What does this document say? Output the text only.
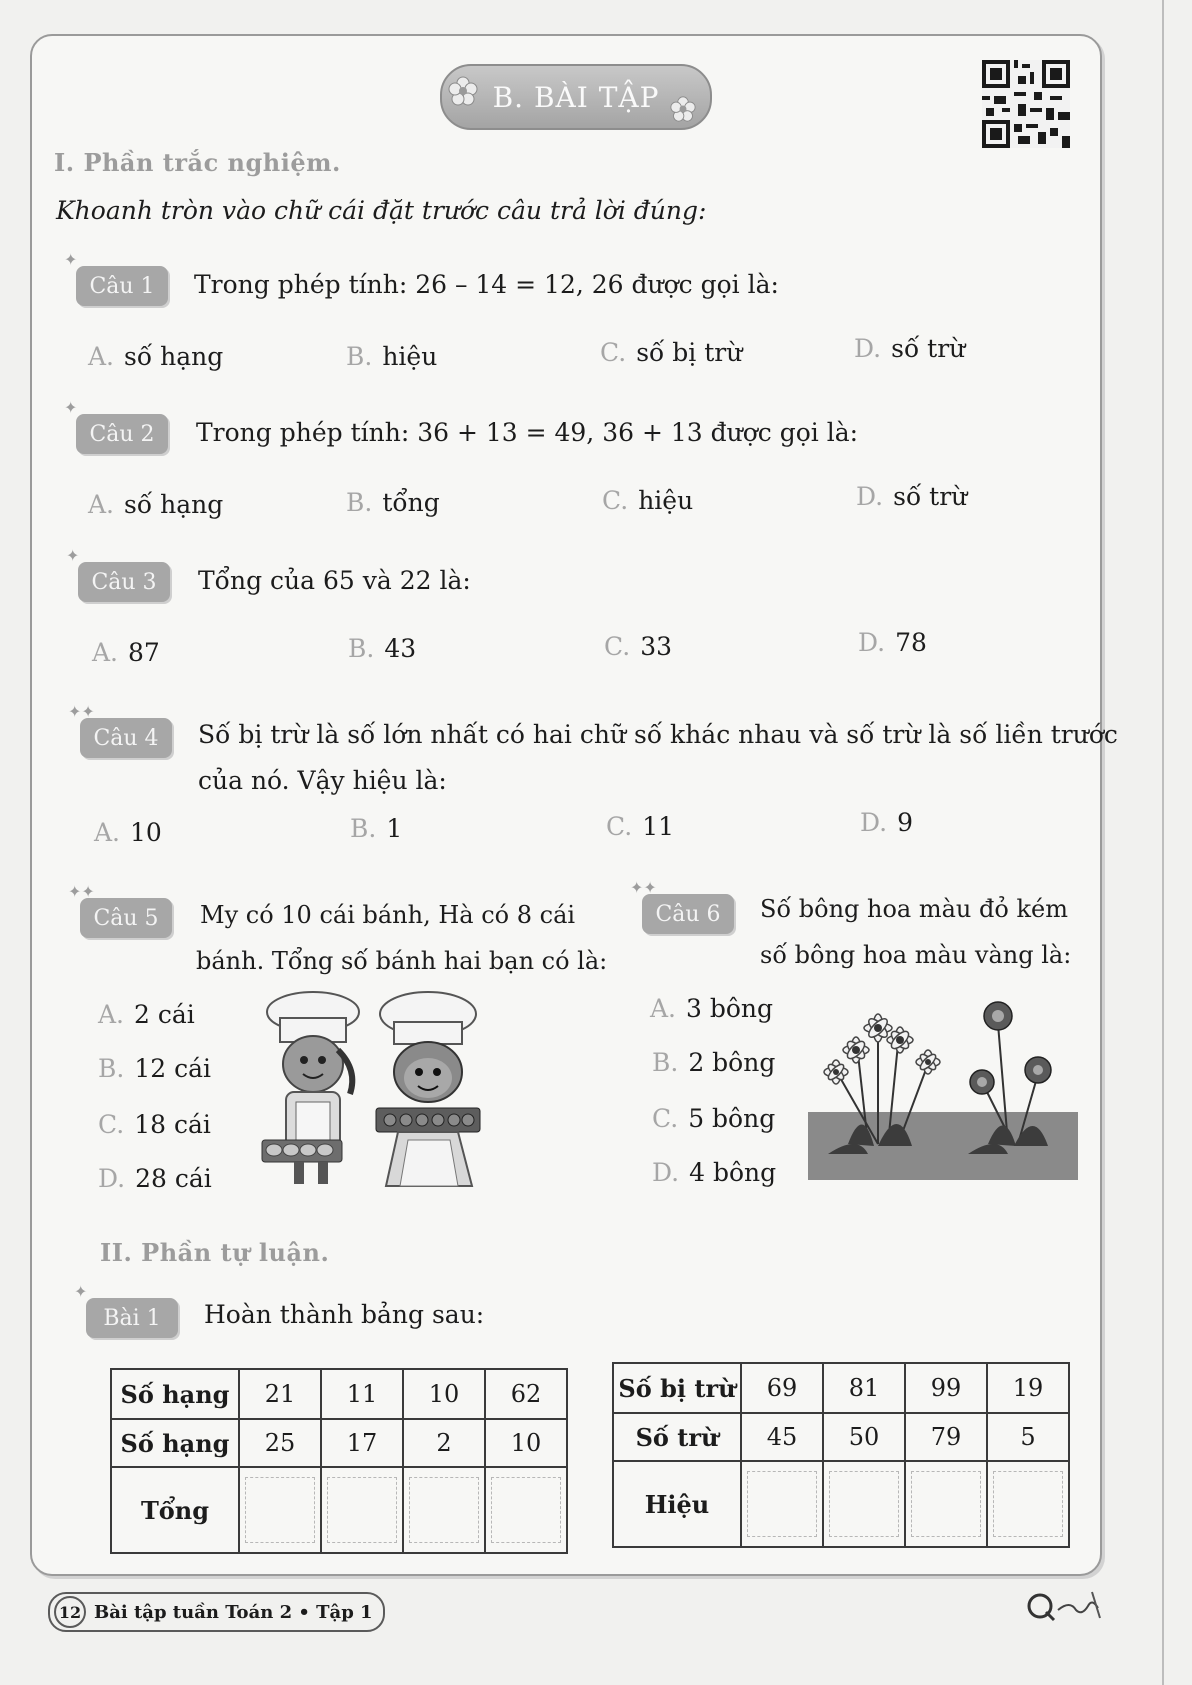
B. BÀI TẬP
I. Phần trắc nghiệm.
Khoanh tròn vào chữ cái đặt trước câu trả lời đúng:
✦
Câu 1 Trong phép tính: 26 – 14 = 12, 26 được gọi là:
A. số hạng	B. hiệu	C. số bị trừ	D. số trừ
✦
Câu 2 Trong phép tính: 36 + 13 = 49, 36 + 13 được gọi là:
A. số hạng	B. tổng	C. hiệu	D. số trừ
✦
Câu 3 Tổng của 65 và 22 là:
A. 87	B. 43	C. 33	D. 78
✦✦
Câu 4 Số bị trừ là số lớn nhất có hai chữ số khác nhau và số trừ là số liền trước
của nó. Vậy hiệu là:
A. 10	B. 1	C. 11	D. 9
✦✦
Câu 5 My có 10 cái bánh, Hà có 8 cái
bánh. Tổng số bánh hai bạn có là:
A. 2 cái
B. 12 cái
C. 18 cái
D. 28 cái
✦✦
Câu 6 Số bông hoa màu đỏ kém
số bông hoa màu vàng là:
A. 3 bông
B. 2 bông
C. 5 bông
D. 4 bông
II. Phần tự luận.
✦
Bài 1 Hoàn thành bảng sau:
Số hạng	21	11	10	62
Số hạng	25	17	2	10
Tổng	

Số bị trừ	69	81	99	19
Số trừ	45	50	79	5
Hiệu	

12 Bài tập tuần Toán 2 • Tập 1
